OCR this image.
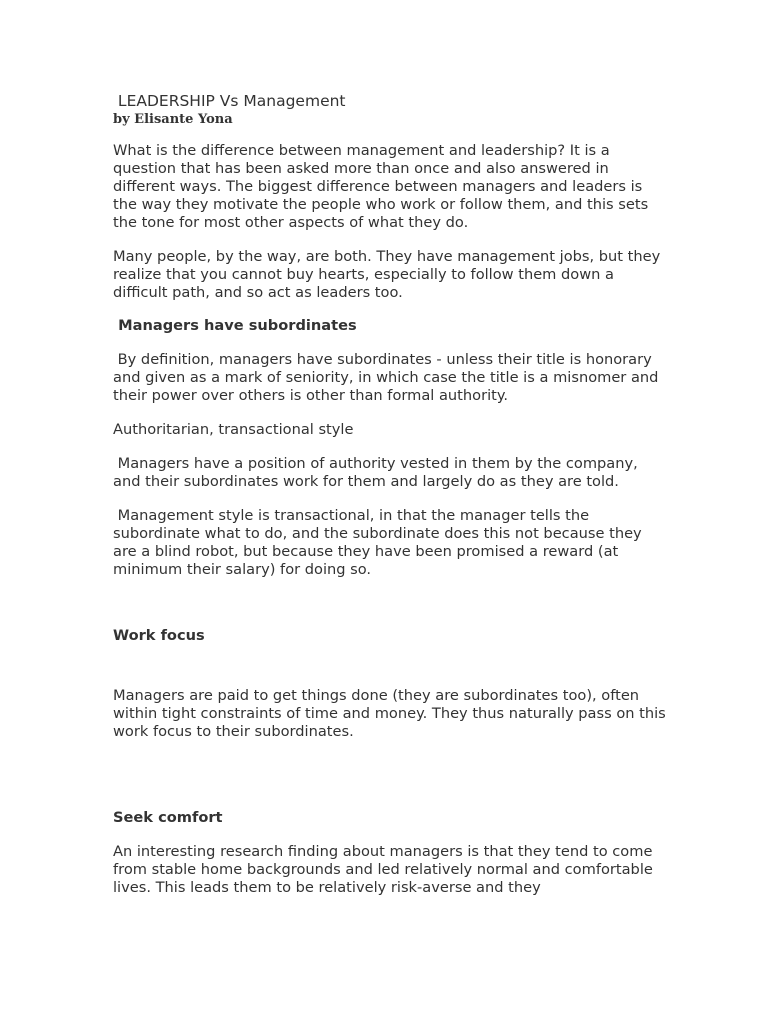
LEADERSHIP Vs Management
by Elisante Yona

What is the difference between management and leadership? It is a question that has been asked more than once and also answered in different ways. The biggest difference between managers and leaders is the way they motivate the people who work or follow them, and this sets the tone for most other aspects of what they do.

Many people, by the way, are both. They have management jobs, but they realize that you cannot buy hearts, especially to follow them down a difficult path, and so act as leaders too.

Managers have subordinates

By definition, managers have subordinates - unless their title is honorary and given as a mark of seniority, in which case the title is a misnomer and their power over others is other than formal authority.

Authoritarian, transactional style

Managers have a position of authority vested in them by the company, and their subordinates work for them and largely do as they are told.

Management style is transactional, in that the manager tells the subordinate what to do, and the subordinate does this not because they are a blind robot, but because they have been promised a reward (at minimum their salary) for doing so.

Work focus

Managers are paid to get things done (they are subordinates too), often within tight constraints of time and money. They thus naturally pass on this work focus to their subordinates.

Seek comfort

An interesting research finding about managers is that they tend to come from stable home backgrounds and led relatively normal and comfortable lives. This leads them to be relatively risk-averse and they
